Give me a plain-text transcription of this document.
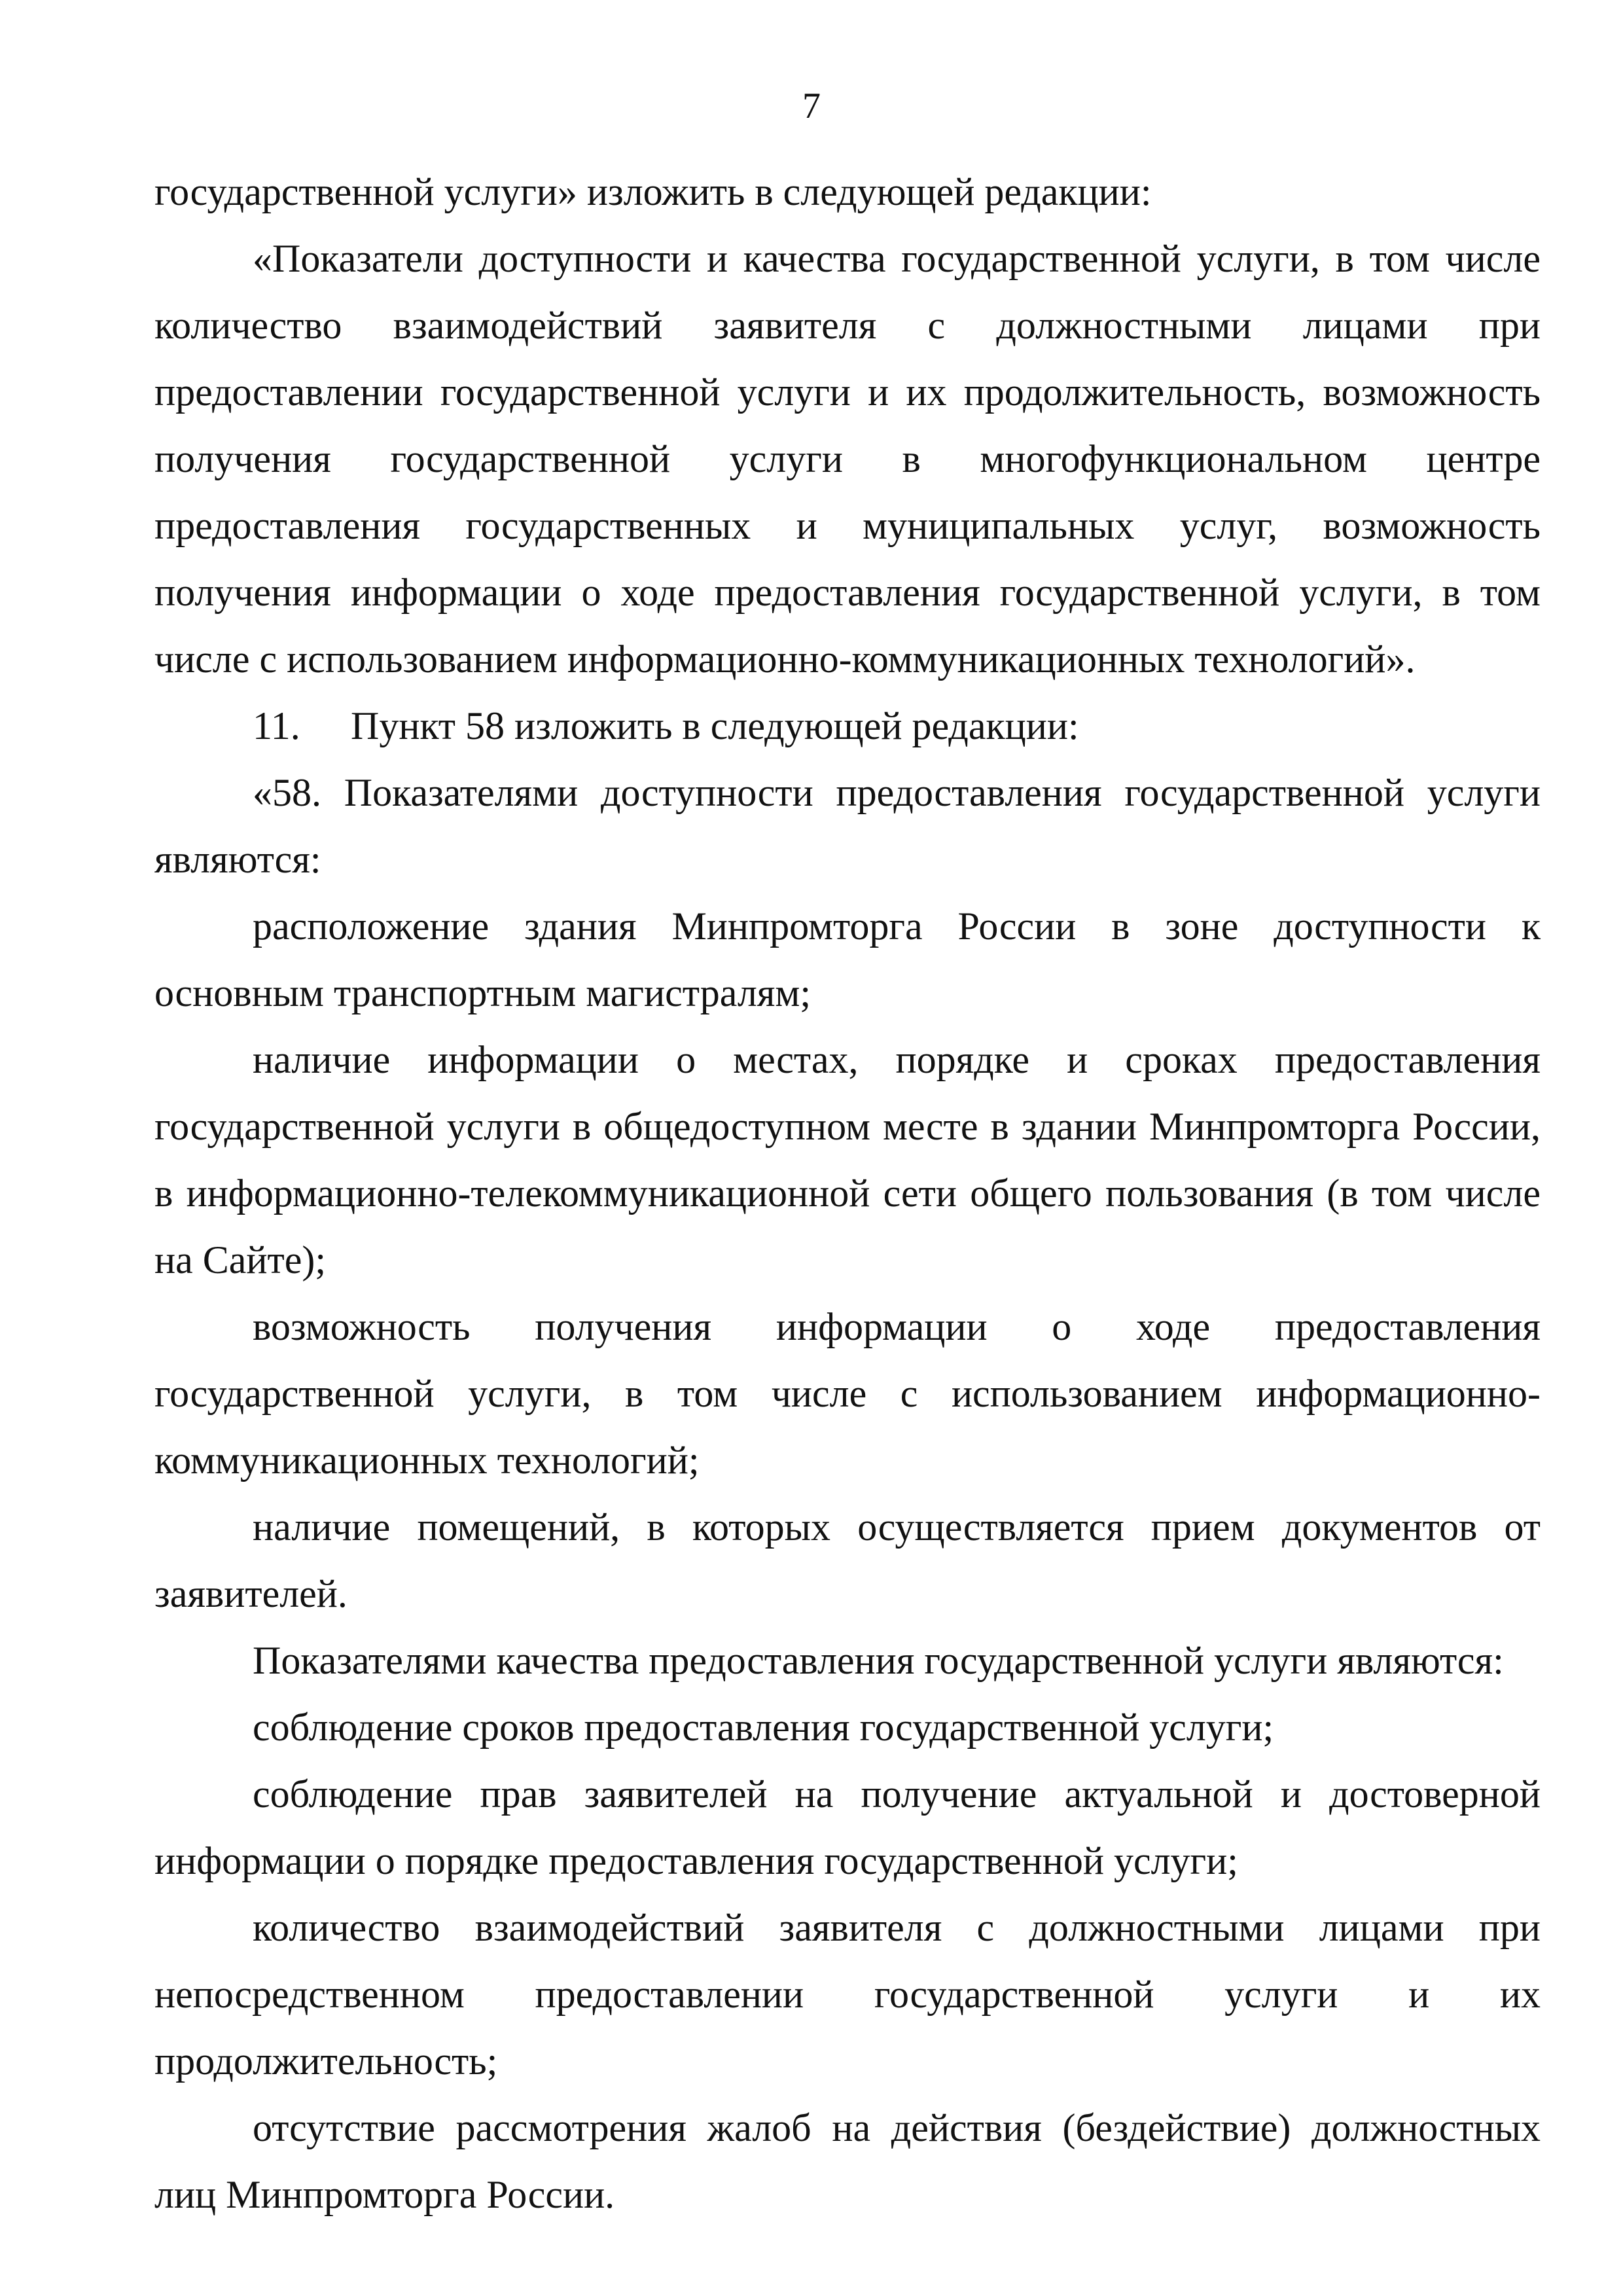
7

государственной услуги» изложить в следующей редакции:

«Показатели доступности и качества государственной услуги, в том числе количество взаимодействий заявителя с должностными лицами при предоставлении государственной услуги и их продолжительность, возможность получения государственной услуги в многофункциональном центре предоставления государственных и муниципальных услуг, возможность получения информации о ходе предоставления государственной услуги, в том числе с использованием информационно-коммуникационных технологий».

11. Пункт 58 изложить в следующей редакции:

«58. Показателями доступности предоставления государственной услуги являются:

расположение здания Минпромторга России в зоне доступности к основным транспортным магистралям;

наличие информации о местах, порядке и сроках предоставления государственной услуги в общедоступном месте в здании Минпромторга России, в информационно-телекоммуникационной сети общего пользования (в том числе на Сайте);

возможность получения информации о ходе предоставления государственной услуги, в том числе с использованием информационно-коммуникационных технологий;

наличие помещений, в которых осуществляется прием документов от заявителей.

Показателями качества предоставления государственной услуги являются:

соблюдение сроков предоставления государственной услуги;

соблюдение прав заявителей на получение актуальной и достоверной информации о порядке предоставления государственной услуги;

количество взаимодействий заявителя с должностными лицами при непосредственном предоставлении государственной услуги и их продолжительность;

отсутствие рассмотрения жалоб на действия (бездействие) должностных лиц Минпромторга России.
